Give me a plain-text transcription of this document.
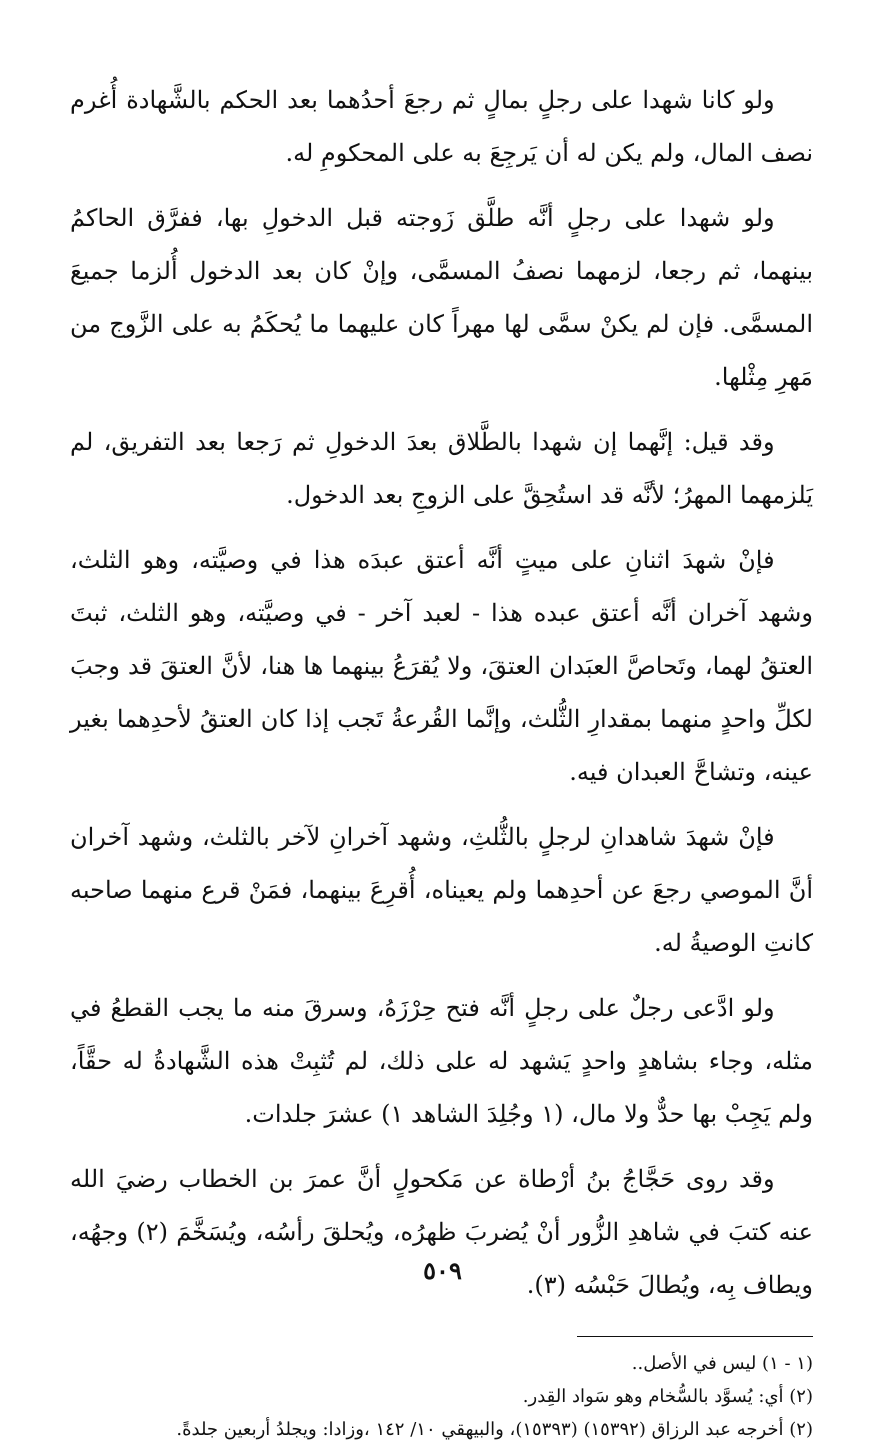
ولو كانا شهدا على رجلٍ بمالٍ ثم رجعَ أحدُهما بعد الحكم بالشَّهادة أُغرم نصف المال، ولم يكن له أن يَرجِعَ به على المحكومِ له.

ولو شهدا على رجلٍ أنَّه طلَّق زَوجته قبل الدخولِ بها، ففرَّق الحاكمُ بينهما، ثم رجعا، لزمهما نصفُ المسمَّى، وإنْ كان بعد الدخول أُلزما جميعَ المسمَّى. فإن لم يكنْ سمَّى لها مهراً كان عليهما ما يُحكَمُ به على الزَّوج من مَهرِ مِثْلها.

وقد قيل: إنَّهما إن شهدا بالطَّلاق بعدَ الدخولِ ثم رَجعا بعد التفريق، لم يَلزمهما المهرُ؛ لأنَّه قد استُحِقَّ على الزوجِ بعد الدخول.

فإنْ شهدَ اثنانِ على ميتٍ أنَّه أعتق عبدَه هذا في وصيَّته، وهو الثلث، وشهد آخران أنَّه أعتق عبده هذا - لعبد آخر - في وصيَّته، وهو الثلث، ثبتَ العتقُ لهما، وتَحاصَّ العبَدان العتقَ، ولا يُقرَعُ بينهما ها هنا، لأنَّ العتقَ قد وجبَ لكلِّ واحدٍ منهما بمقدارِ الثُّلث، وإنَّما القُرعةُ تَجب إذا كان العتقُ لأحدِهما بغير عينه، وتشاحَّ العبدان فيه.

فإنْ شهدَ شاهدانِ لرجلٍ بالثُّلثِ، وشهد آخرانِ لآخر بالثلث، وشهد آخران أنَّ الموصي رجعَ عن أحدِهما ولم يعيناه، أُقرِعَ بينهما، فمَنْ قرع منهما صاحبه كانتِ الوصيةُ له.

ولو ادَّعى رجلٌ على رجلٍ أنَّه فتح حِرْزَهُ، وسرقَ منه ما يجب القطعُ في مثله، وجاء بشاهدٍ واحدٍ يَشهد له على ذلك، لم تُثبِتْ هذه الشَّهادةُ له حقَّاً، ولم يَجِبْ بها حدٌّ ولا مال، (١ وجُلِدَ الشاهد ١) عشرَ جلدات.

وقد روى حَجَّاجُ بنُ أرْطاة عن مَكحولٍ أنَّ عمرَ بن الخطاب رضيَ الله عنه كتبَ في شاهدِ الزُّور أنْ يُضربَ ظهرُه، ويُحلقَ رأسُه، ويُسَخَّمَ (٢) وجهُه، ويطاف بِه، ويُطالَ حَبْسُه (٣).

(١ - ١) ليس في الأصل..

(٢) أي: يُسوَّد بالسُّخام وهو سَواد القِدر.

(٢) أخرجه عبد الرزاق (١٥٣٩٢) (١٥٣٩٣)، والبيهقي ١٠/ ١٤٢ ،وزادا: ويجلدُ أربعين جلدةً.

٥٠٩
